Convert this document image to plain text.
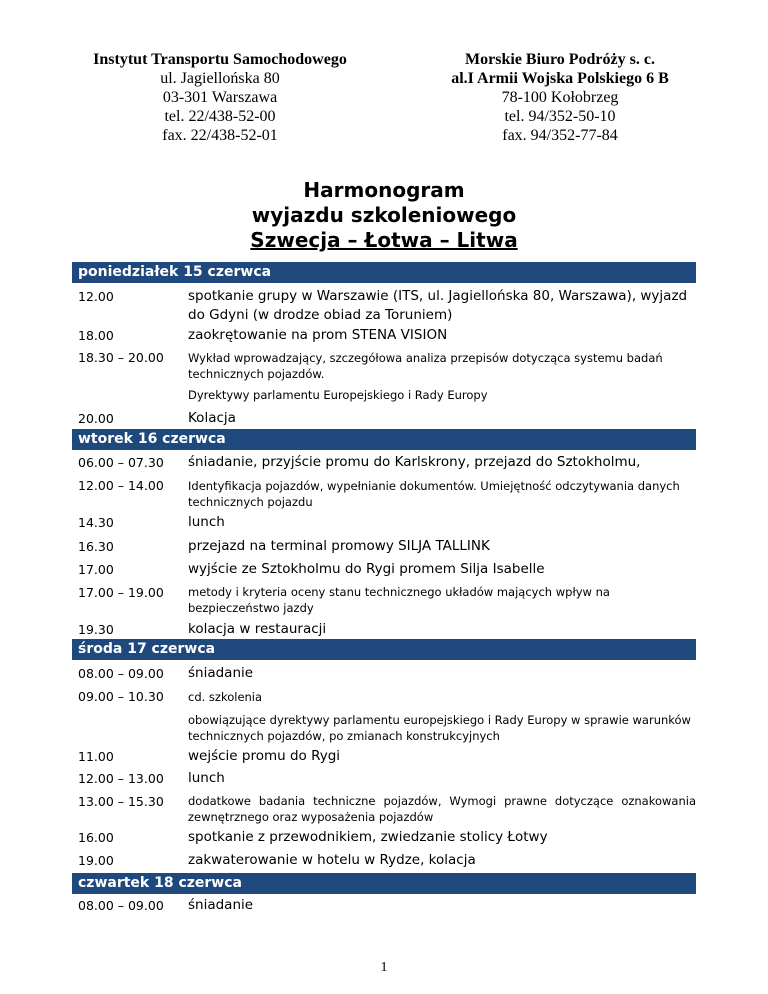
Instytut Transportu Samochodowego
ul. Jagiellońska 80
03-301 Warszawa
tel. 22/438-52-00
fax. 22/438-52-01
Morskie Biuro Podróży s. c.
al.I Armii Wojska Polskiego 6 B
78-100 Kołobrzeg
tel. 94/352-50-10
fax. 94/352-77-84
Harmonogram
wyjazdu szkoleniowego
Szwecja – Łotwa – Litwa
poniedziałek 15 czerwca
12.00	spotkanie grupy w Warszawie (ITS, ul. Jagiellońska 80, Warszawa), wyjazd do Gdyni (w drodze obiad za Toruniem)
18.00	zaokrętowanie na prom STENA VISION
18.30 – 20.00	Wykład wprowadzający, szczegółowa analiza przepisów dotycząca systemu badań technicznych pojazdów.
Dyrektywy parlamentu Europejskiego i Rady Europy
20.00	Kolacja
wtorek 16 czerwca
06.00 – 07.30	śniadanie, przyjście promu do Karlskrony, przejazd do Sztokholmu,
12.00 – 14.00	Identyfikacja pojazdów, wypełnianie dokumentów. Umiejętność odczytywania danych technicznych pojazdu
14.30	lunch
16.30	przejazd na terminal promowy SILJA TALLINK
17.00	wyjście ze Sztokholmu do Rygi promem Silja Isabelle
17.00 – 19.00	metody i kryteria oceny stanu technicznego układów mających wpływ na bezpieczeństwo jazdy
19.30	kolacja w restauracji
środa 17 czerwca
08.00 – 09.00	śniadanie
09.00 – 10.30	cd. szkolenia
obowiązujące dyrektywy parlamentu europejskiego i Rady Europy w sprawie warunków technicznych pojazdów, po zmianach konstrukcyjnych
11.00	wejście promu do Rygi
12.00 – 13.00	lunch
13.00 – 15.30	dodatkowe badania techniczne pojazdów, Wymogi prawne dotyczące oznakowania zewnętrznego oraz wyposażenia pojazdów
16.00	spotkanie z przewodnikiem, zwiedzanie stolicy Łotwy
19.00	zakwaterowanie w hotelu w Rydze, kolacja
czwartek 18 czerwca
08.00 – 09.00	śniadanie
1
